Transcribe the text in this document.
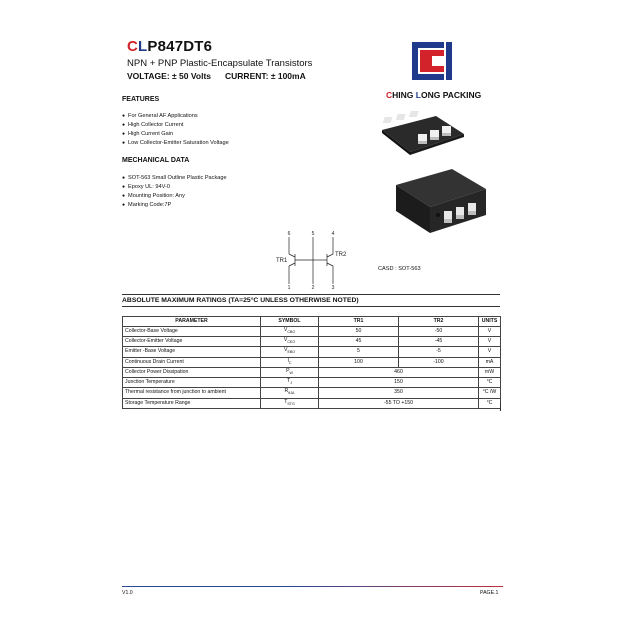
CLP847DT6
NPN + PNP Plastic-Encapsulate Transistors
VOLTAGE: ± 50 Volts CURRENT: ± 100mA
CHING LONG PACKING
FEATURES
● For General AF Applications
● High Collector Current
● High Current Gain
● Low Collector-Emitter Saturation Voltage
MECHANICAL DATA
● SOT-563 Small Outline Plastic Package
● Epoxy UL: 94V-0
● Mounting Position: Any
● Marking Code:7P
6	5	4
1	2	3
TR1
TR2
CASD : SOT-563
ABSOLUTE MAXIMUM RATINGS (TA=25°C UNLESS OTHERWISE NOTED)
PARAMETER	SYMBOL	TR1	TR2	UNITS
Collector-Base Voltage	$V_{CBO}$	50	-50	V
Collector-Emitter Voltage	$V_{CEO}$	45	-45	V
Emitter -Base Voltage	$V_{EBO}$	5	-5	V
Continuous Drain Current	$I_C$	100	-100	mA
Collector Power Dissipation	$P_W$	460		mW
Junction Temperature	$T_J$	150		°C
Thermal resistance from junction to ambient	$R_{\theta JA}$	350		°C /W
Storage Temperature Range	$T_{STG}$	-55 TO +150		°C
V1.0	PAGE.1
